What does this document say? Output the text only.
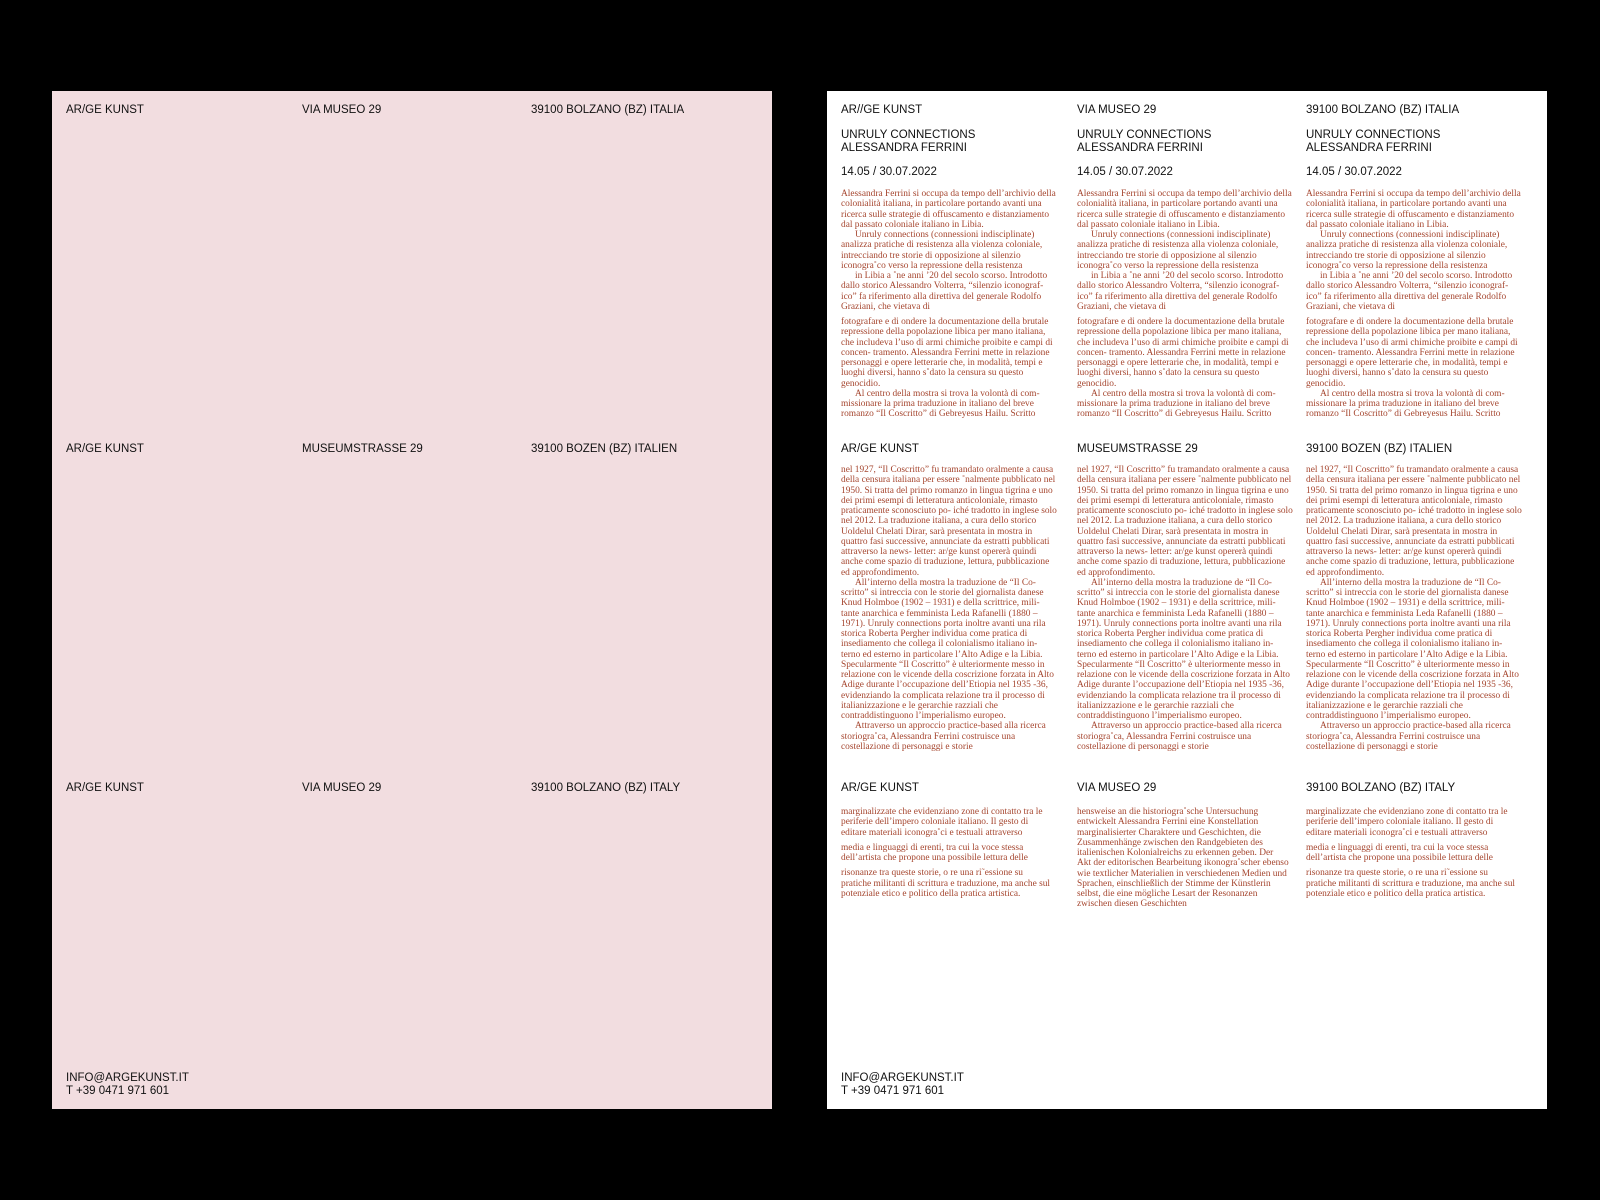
AR/GE KUNST	VIA MUSEO 29	39100 BOLZANO (BZ) ITALIA
AR/GE KUNST	MUSEUMSTRASSE 29	39100 BOZEN (BZ) ITALIEN
AR/GE KUNST	VIA MUSEO 29	39100 BOLZANO (BZ) ITALY
INFO@ARGEKUNST.IT
T +39 0471 971 601
AR//GE KUNST
UNRULY CONNECTIONS
ALESSANDRA FERRINI
14.05 / 30.07.2022

Alessandra Ferrini si occupa da tempo dell’archivio della colonialità italiana, in particolare portando avanti una ricerca sulle strategie di offuscamento e distanziamento dal passato coloniale italiano in Libia.

Unruly connections (connessioni indisciplinate) analizza pratiche di resistenza alla violenza coloniale, intrecciando tre storie di opposizione al silenzio iconogra˚co verso la repressione della resistenza

in Libia a ˚ne anni ’20 del secolo scorso. Introdotto dallo storico Alessandro Volterra, “silenzio iconograf- ico” fa riferimento alla direttiva del generale Rodolfo Graziani, che vietava di

fotografare e di ondere la documentazione della brutale repressione della popolazione libica per mano italiana, che includeva l’uso di armi chimiche proibite e campi di concen- tramento. Alessandra Ferrini mette in relazione personaggi e opere letterarie che, in modalità, tempi e luoghi diversi, hanno s˚dato la censura su questo genocidio.

Al centro della mostra si trova la volontà di com- missionare la prima traduzione in italiano del breve romanzo “Il Coscritto” di Gebreyesus Hailu. Scritto

AR/GE KUNST

nel 1927, “Il Coscritto” fu tramandato oralmente a causa della censura italiana per essere ˚nalmente pubblicato nel 1950. Si tratta del primo romanzo in lingua tigrina e uno dei primi esempi di letteratura anticoloniale, rimasto praticamente sconosciuto po- iché tradotto in inglese solo nel 2012. La traduzione italiana, a cura dello storico Uoldelul Chelati Dirar, sarà presentata in mostra in quattro fasi successive, annunciate da estratti pubblicati attraverso la news- letter: ar/ge kunst opererà quindi anche come spazio di traduzione, lettura, pubblicazione ed approfondimento.

All’interno della mostra la traduzione de “Il Co- scritto” si intreccia con le storie del giornalista danese Knud Holmboe (1902 – 1931) e della scrittrice, mili- tante anarchica e femminista Leda Rafanelli (1880 – 1971). Unruly connections porta inoltre avanti una rila storica Roberta Pergher individua come pratica di insediamento che collega il colonialismo italiano in- terno ed esterno in particolare l’Alto Adige e la Libia. Specularmente “Il Coscritto” è ulteriormente messo in relazione con le vicende della coscrizione forzata in Alto Adige durante l’occupazione dell’Etiopia nel 1935 -36, evidenziando la complicata relazione tra il processo di italianizzazione e le gerarchie razziali che contraddistinguono l’imperialismo europeo.

Attraverso un approccio practice-based alla ricerca storiogra˚ca, Alessandra Ferrini costruisce una costellazione di personaggi e storie

AR/GE KUNST

marginalizzate che evidenziano zone di contatto tra le periferie dell’impero coloniale italiano. Il gesto di editare materiali iconogra˚ci e testuali attraverso

media e linguaggi di erenti, tra cui la voce stessa dell’artista che propone una possibile lettura delle

risonanze tra queste storie, o re una ri˜essione su pratiche militanti di scrittura e traduzione, ma anche sul potenziale etico e politico della pratica artistica.

VIA MUSEO 29
UNRULY CONNECTIONS
ALESSANDRA FERRINI
14.05 / 30.07.2022

Alessandra Ferrini si occupa da tempo dell’archivio della colonialità italiana, in particolare portando avanti una ricerca sulle strategie di offuscamento e distanziamento dal passato coloniale italiano in Libia.

Unruly connections (connessioni indisciplinate) analizza pratiche di resistenza alla violenza coloniale, intrecciando tre storie di opposizione al silenzio iconogra˚co verso la repressione della resistenza

in Libia a ˚ne anni ’20 del secolo scorso. Introdotto dallo storico Alessandro Volterra, “silenzio iconograf- ico” fa riferimento alla direttiva del generale Rodolfo Graziani, che vietava di

fotografare e di ondere la documentazione della brutale repressione della popolazione libica per mano italiana, che includeva l’uso di armi chimiche proibite e campi di concen- tramento. Alessandra Ferrini mette in relazione personaggi e opere letterarie che, in modalità, tempi e luoghi diversi, hanno s˚dato la censura su questo genocidio.

Al centro della mostra si trova la volontà di com- missionare la prima traduzione in italiano del breve romanzo “Il Coscritto” di Gebreyesus Hailu. Scritto

MUSEUMSTRASSE 29

nel 1927, “Il Coscritto” fu tramandato oralmente a causa della censura italiana per essere ˚nalmente pubblicato nel 1950. Si tratta del primo romanzo in lingua tigrina e uno dei primi esempi di letteratura anticoloniale, rimasto praticamente sconosciuto po- iché tradotto in inglese solo nel 2012. La traduzione italiana, a cura dello storico Uoldelul Chelati Dirar, sarà presentata in mostra in quattro fasi successive, annunciate da estratti pubblicati attraverso la news- letter: ar/ge kunst opererà quindi anche come spazio di traduzione, lettura, pubblicazione ed approfondimento.

All’interno della mostra la traduzione de “Il Co- scritto” si intreccia con le storie del giornalista danese Knud Holmboe (1902 – 1931) e della scrittrice, mili- tante anarchica e femminista Leda Rafanelli (1880 – 1971). Unruly connections porta inoltre avanti una rila storica Roberta Pergher individua come pratica di insediamento che collega il colonialismo italiano in- terno ed esterno in particolare l’Alto Adige e la Libia. Specularmente “Il Coscritto” è ulteriormente messo in relazione con le vicende della coscrizione forzata in Alto Adige durante l’occupazione dell’Etiopia nel 1935 -36, evidenziando la complicata relazione tra il processo di italianizzazione e le gerarchie razziali che contraddistinguono l’imperialismo europeo.

Attraverso un approccio practice-based alla ricerca storiogra˚ca, Alessandra Ferrini costruisce una costellazione di personaggi e storie

VIA MUSEO 29

hensweise an die historiogra˚sche Untersuchung entwickelt Alessandra Ferrini eine Konstellation marginalisierter Charaktere und Geschichten, die Zusammenhänge zwischen den Randgebieten des italienischen Kolonialreichs zu erkennen geben. Der Akt der editorischen Bearbeitung ikonogra˚scher ebenso wie textlicher Materialien in verschiedenen Medien und Sprachen, einschließlich der Stimme der Künstlerin selbst, die eine mögliche Lesart der Resonanzen zwischen diesen Geschichten

39100 BOLZANO (BZ) ITALIA
UNRULY CONNECTIONS
ALESSANDRA FERRINI
14.05 / 30.07.2022

Alessandra Ferrini si occupa da tempo dell’archivio della colonialità italiana, in particolare portando avanti una ricerca sulle strategie di offuscamento e distanziamento dal passato coloniale italiano in Libia.

Unruly connections (connessioni indisciplinate) analizza pratiche di resistenza alla violenza coloniale, intrecciando tre storie di opposizione al silenzio iconogra˚co verso la repressione della resistenza

in Libia a ˚ne anni ’20 del secolo scorso. Introdotto dallo storico Alessandro Volterra, “silenzio iconograf- ico” fa riferimento alla direttiva del generale Rodolfo Graziani, che vietava di

fotografare e di ondere la documentazione della brutale repressione della popolazione libica per mano italiana, che includeva l’uso di armi chimiche proibite e campi di concen- tramento. Alessandra Ferrini mette in relazione personaggi e opere letterarie che, in modalità, tempi e luoghi diversi, hanno s˚dato la censura su questo genocidio.

Al centro della mostra si trova la volontà di com- missionare la prima traduzione in italiano del breve romanzo “Il Coscritto” di Gebreyesus Hailu. Scritto

39100 BOZEN (BZ) ITALIEN

nel 1927, “Il Coscritto” fu tramandato oralmente a causa della censura italiana per essere ˚nalmente pubblicato nel 1950. Si tratta del primo romanzo in lingua tigrina e uno dei primi esempi di letteratura anticoloniale, rimasto praticamente sconosciuto po- iché tradotto in inglese solo nel 2012. La traduzione italiana, a cura dello storico Uoldelul Chelati Dirar, sarà presentata in mostra in quattro fasi successive, annunciate da estratti pubblicati attraverso la news- letter: ar/ge kunst opererà quindi anche come spazio di traduzione, lettura, pubblicazione ed approfondimento.

All’interno della mostra la traduzione de “Il Co- scritto” si intreccia con le storie del giornalista danese Knud Holmboe (1902 – 1931) e della scrittrice, mili- tante anarchica e femminista Leda Rafanelli (1880 – 1971). Unruly connections porta inoltre avanti una rila storica Roberta Pergher individua come pratica di insediamento che collega il colonialismo italiano in- terno ed esterno in particolare l’Alto Adige e la Libia. Specularmente “Il Coscritto” è ulteriormente messo in relazione con le vicende della coscrizione forzata in Alto Adige durante l’occupazione dell’Etiopia nel 1935 -36, evidenziando la complicata relazione tra il processo di italianizzazione e le gerarchie razziali che contraddistinguono l’imperialismo europeo.

Attraverso un approccio practice-based alla ricerca storiogra˚ca, Alessandra Ferrini costruisce una costellazione di personaggi e storie

39100 BOLZANO (BZ) ITALY

marginalizzate che evidenziano zone di contatto tra le periferie dell’impero coloniale italiano. Il gesto di editare materiali iconogra˚ci e testuali attraverso

media e linguaggi di erenti, tra cui la voce stessa dell’artista che propone una possibile lettura delle

risonanze tra queste storie, o re una ri˜essione su pratiche militanti di scrittura e traduzione, ma anche sul potenziale etico e politico della pratica artistica.

INFO@ARGEKUNST.IT
T +39 0471 971 601
